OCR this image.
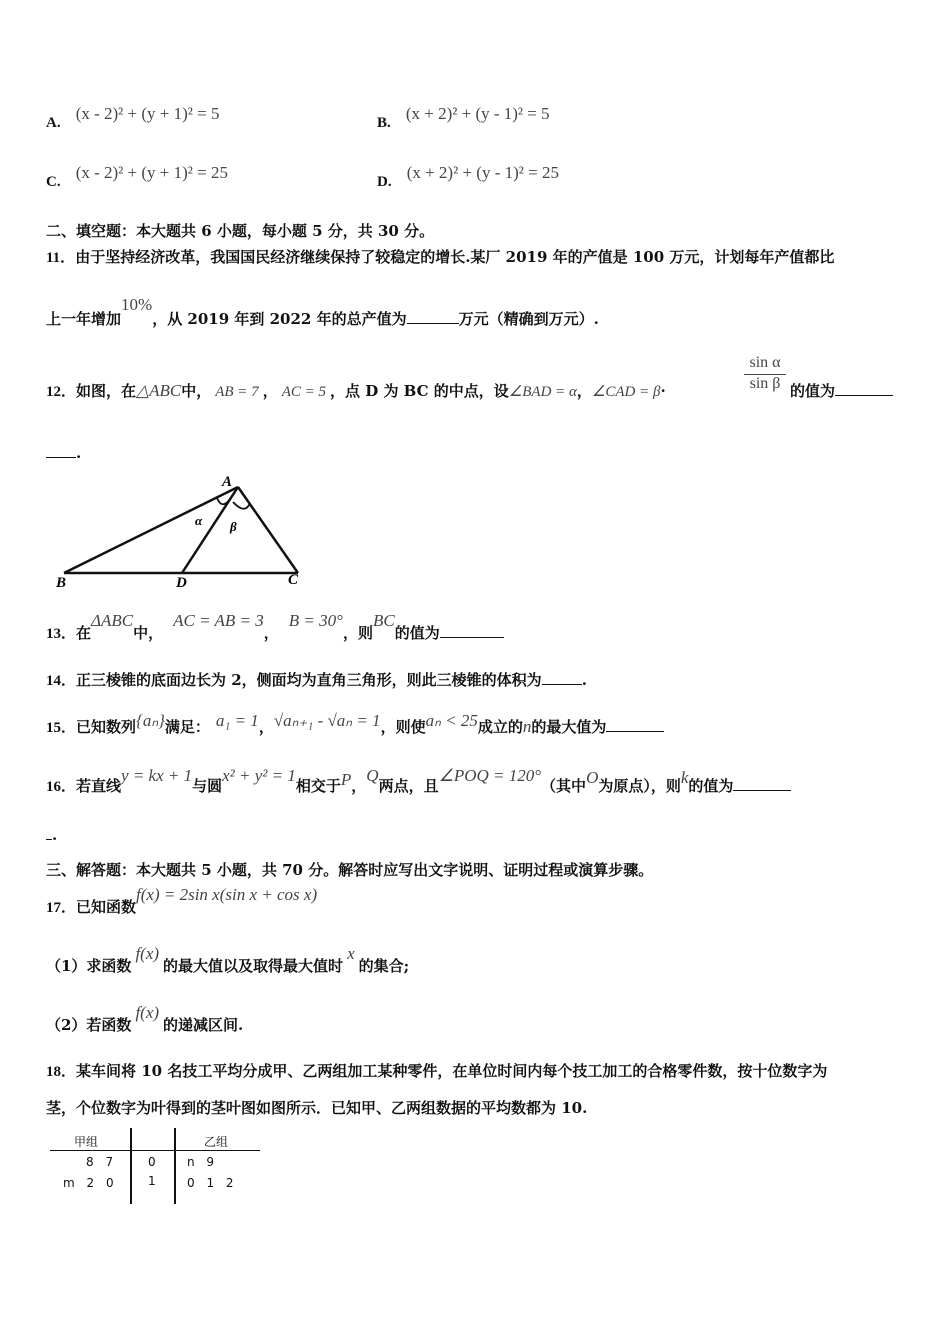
A. (x - 2)² + (y + 1)² = 5	B. (x + 2)² + (y - 1)² = 5
C. (x - 2)² + (y + 1)² = 25	D. (x + 2)² + (y - 1)² = 25
二、填空题：本大题共 6 小题，每小题 5 分，共 30 分。
11．由于坚持经济改革，我国国民经济继续保持了较稳定的增长.某厂 2019 年的产值是 100 万元，计划每年产值都比
上一年增加10%，从 2019 年到 2022 年的总产值为	万元（精确到万元）.
12．如图，在△ABC中， AB = 7 ， AC = 5 ，点 D 为 BC 的中点，设∠BAD = α，∠CAD = β·	$\frac{\text{sin α}}{\text{sin β}}$ 的值为
.
A
B	D	C
α β
13．在ΔABC中，AC = AB = 3，B = 30°，则BC的值为
14．正三棱锥的底面边长为 2，侧面均为直角三角形，则此三棱锥的体积为	.
15．已知数列{aₙ}满足： a₁ = 1，√aₙ₊₁ - √aₙ = 1，则使aₙ < 25成立的n的最大值为
16．若直线y = kx + 1与圆x² + y² = 1相交于P，Q两点，且∠POQ = 120°（其中O为原点），则k的值为
.
三、解答题：本大题共 5 小题，共 70 分。解答时应写出文字说明、证明过程或演算步骤。
17．已知函数f(x) = 2sin x(sin x + cos x)
（1）求函数f(x)的最大值以及取得最大值时x的集合;
（2）若函数f(x)的递减区间.
18．某车间将 10 名技工平均分成甲、乙两组加工某种零件，在单位时间内每个技工加工的合格零件数，按十位数字为
茎，个位数字为叶得到的茎叶图如图所示．已知甲、乙两组数据的平均数都为 10.
甲组	乙组
8 7	0	n 9
m 2 0	1	0 1 2
